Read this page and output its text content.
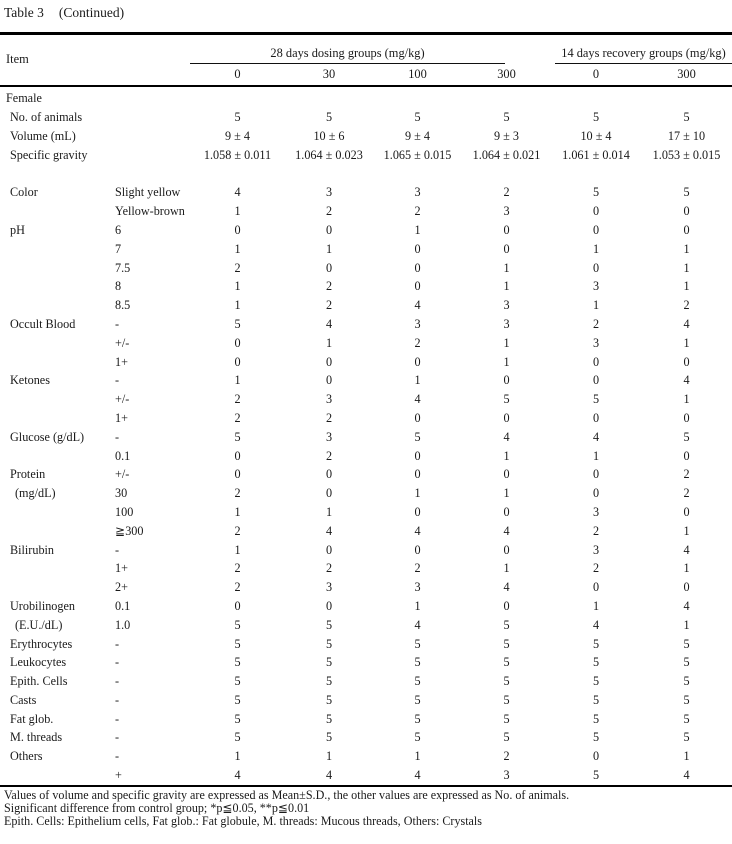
Table 3 (Continued)
Item	28 days dosing groups (mg/kg)	14 days recovery groups (mg/kg)
0	30	100	300	0	300
Female
No. of animals	5	5	5	5	5	5
Volume (mL)	9 ± 4	10 ± 6	9 ± 4	9 ± 3	10 ± 4	17 ± 10
Specific gravity	1.058 ± 0.011	1.064 ± 0.023	1.065 ± 0.015	1.064 ± 0.021	1.061 ± 0.014	1.053 ± 0.015
Color	Slight yellow	4	3	3	2	5	5
Yellow-brown	1	2	2	3	0	0
pH	6	0	0	1	0	0	0
7	1	1	0	0	1	1
7.5	2	0	0	1	0	1
8	1	2	0	1	3	1
8.5	1	2	4	3	1	2
Occult Blood	-	5	4	3	3	2	4
+/-	0	1	2	1	3	1
1+	0	0	0	1	0	0
Ketones	-	1	0	1	0	0	4
+/-	2	3	4	5	5	1
1+	2	2	0	0	0	0
Glucose (g/dL)	-	5	3	5	4	4	5
0.1	0	2	0	1	1	0
Protein	+/-	0	0	0	0	0	2
(mg/dL)	30	2	0	1	1	0	2
100	1	1	0	0	3	0
≧300	2	4	4	4	2	1
Bilirubin	-	1	0	0	0	3	4
1+	2	2	2	1	2	1
2+	2	3	3	4	0	0
Urobilinogen	0.1	0	0	1	0	1	4
(E.U./dL)	1.0	5	5	4	5	4	1
Erythrocytes	-	5	5	5	5	5	5
Leukocytes	-	5	5	5	5	5	5
Epith. Cells	-	5	5	5	5	5	5
Casts	-	5	5	5	5	5	5
Fat glob.	-	5	5	5	5	5	5
M. threads	-	5	5	5	5	5	5
Others	-	1	1	1	2	0	1
+	4	4	4	3	5	4
Values of volume and specific gravity are expressed as Mean±S.D., the other values are expressed as No. of animals.
Significant difference from control group; *p≦0.05, **p≦0.01
Epith. Cells: Epithelium cells, Fat glob.: Fat globule, M. threads: Mucous threads, Others: Crystals
